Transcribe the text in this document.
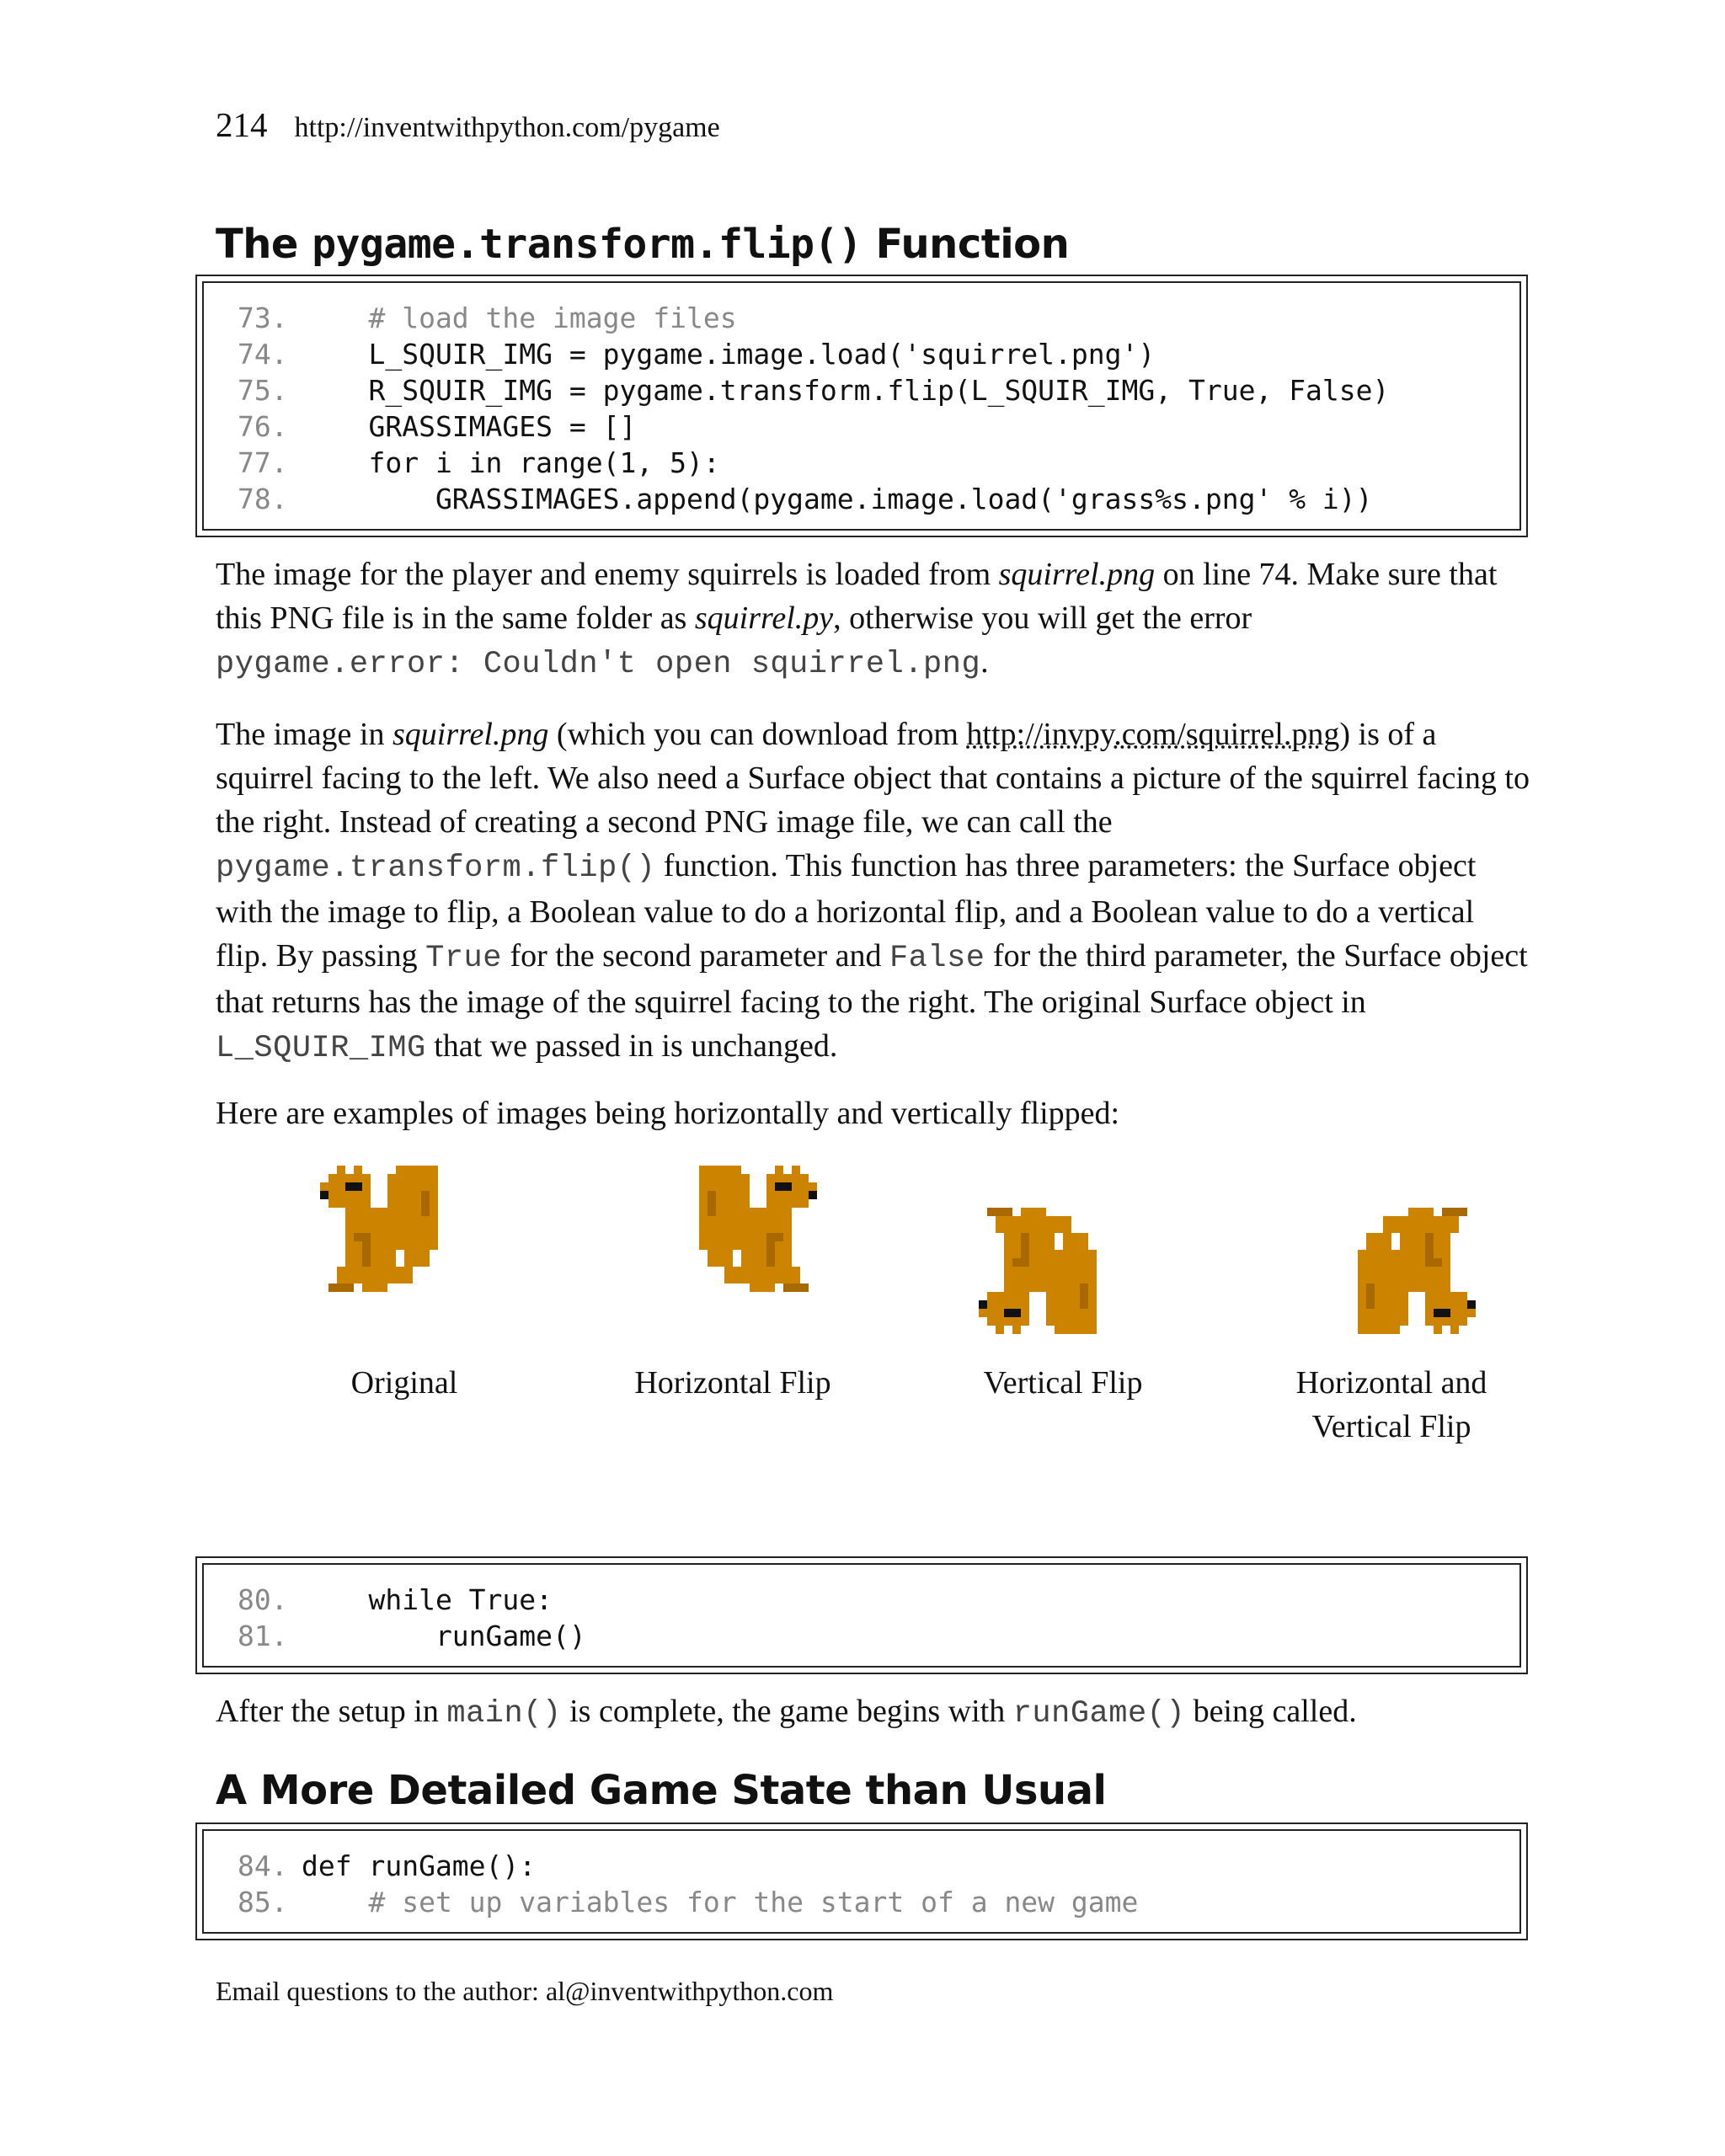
214 http://inventwithpython.com/pygame
The pygame.transform.flip() Function
73. # load the image files
74. L_SQUIR_IMG = pygame.image.load('squirrel.png')
75. R_SQUIR_IMG = pygame.transform.flip(L_SQUIR_IMG, True, False)
76. GRASSIMAGES = []
77. for i in range(1, 5):
78. GRASSIMAGES.append(pygame.image.load('grass%s.png' % i))
The image for the player and enemy squirrels is loaded from squirrel.png on line 74. Make sure that this PNG file is in the same folder as squirrel.py, otherwise you will get the error
pygame.error: Couldn't open squirrel.png.
The image in squirrel.png (which you can download from http://invpy.com/squirrel.png) is of a squirrel facing to the left. We also need a Surface object that contains a picture of the squirrel facing to the right. Instead of creating a second PNG image file, we can call the pygame.transform.flip() function. This function has three parameters: the Surface object with the image to flip, a Boolean value to do a horizontal flip, and a Boolean value to do a vertical flip. By passing True for the second parameter and False for the third parameter, the Surface object that returns has the image of the squirrel facing to the right. The original Surface object in L_SQUIR_IMG that we passed in is unchanged.
Here are examples of images being horizontally and vertically flipped:
Original	Horizontal Flip	Vertical Flip	Horizontal and
Vertical Flip
80. while True:
81. runGame()
After the setup in main() is complete, the game begins with runGame() being called.
A More Detailed Game State than Usual
84. def runGame():
85. # set up variables for the start of a new game
Email questions to the author: al@inventwithpython.com
